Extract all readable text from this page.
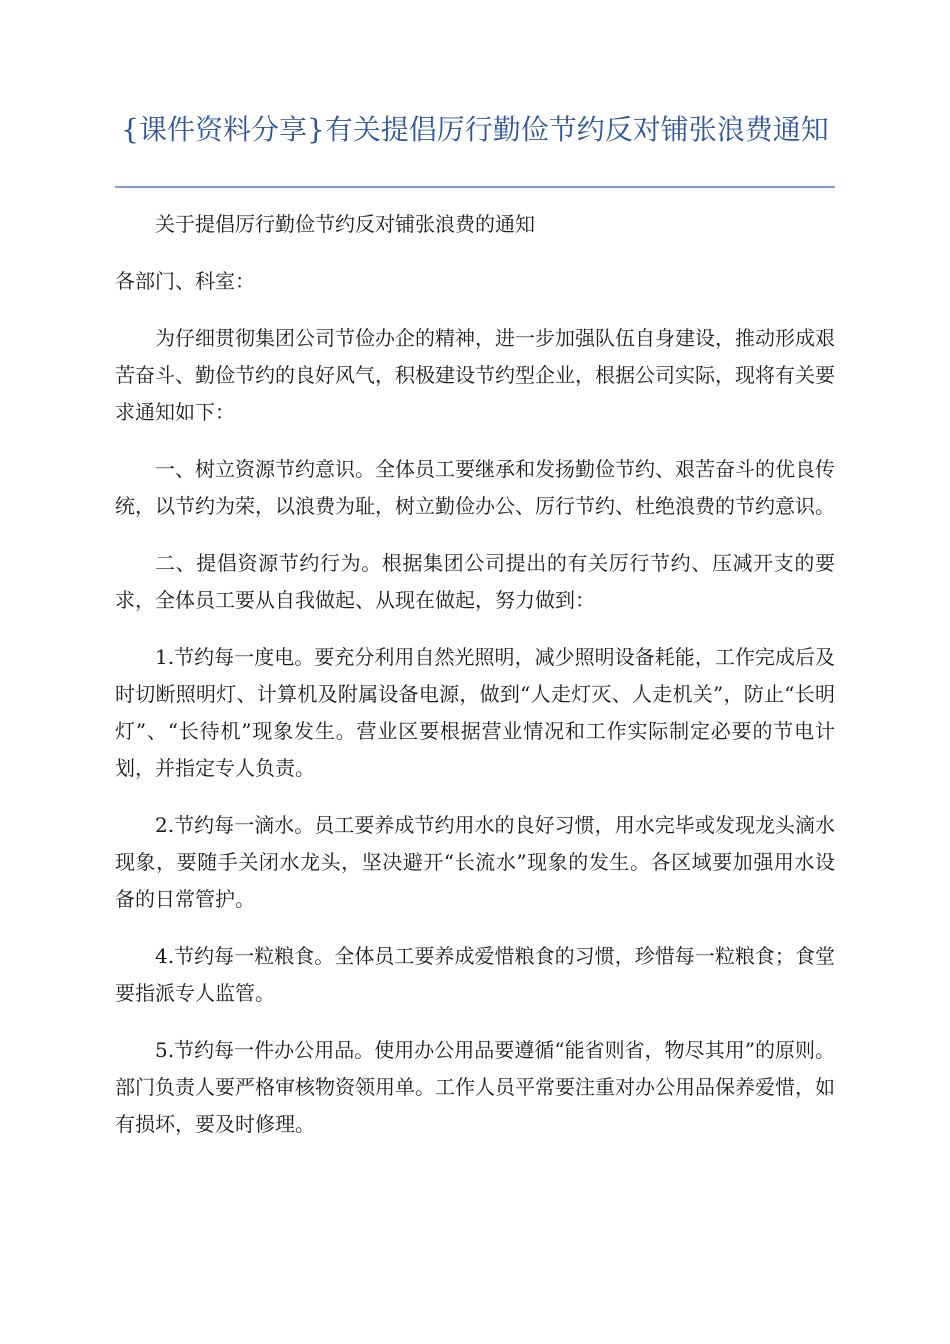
{课件资料分享}有关提倡厉行勤俭节约反对铺张浪费通知

关于提倡厉行勤俭节约反对铺张浪费的通知

各部门、科室：

为仔细贯彻集团公司节俭办企的精神，进一步加强队伍自身建设，推动形成艰苦奋斗、勤俭节约的良好风气，积极建设节约型企业，根据公司实际，现将有关要求通知如下：

一、树立资源节约意识。全体员工要继承和发扬勤俭节约、艰苦奋斗的优良传统，以节约为荣，以浪费为耻，树立勤俭办公、厉行节约、杜绝浪费的节约意识。

二、提倡资源节约行为。根据集团公司提出的有关厉行节约、压减开支的要求，全体员工要从自我做起、从现在做起，努力做到：

1.节约每一度电。要充分利用自然光照明，减少照明设备耗能，工作完成后及时切断照明灯、计算机及附属设备电源，做到“人走灯灭、人走机关”，防止“长明灯”、“长待机”现象发生。营业区要根据营业情况和工作实际制定必要的节电计划，并指定专人负责。

2.节约每一滴水。员工要养成节约用水的良好习惯，用水完毕或发现龙头滴水现象，要随手关闭水龙头，坚决避开“长流水”现象的发生。各区域要加强用水设备的日常管护。

4.节约每一粒粮食。全体员工要养成爱惜粮食的习惯，珍惜每一粒粮食；食堂要指派专人监管。

5.节约每一件办公用品。使用办公用品要遵循“能省则省，物尽其用”的原则。部门负责人要严格审核物资领用单。工作人员平常要注重对办公用品保养爱惜，如有损坏，要及时修理。
